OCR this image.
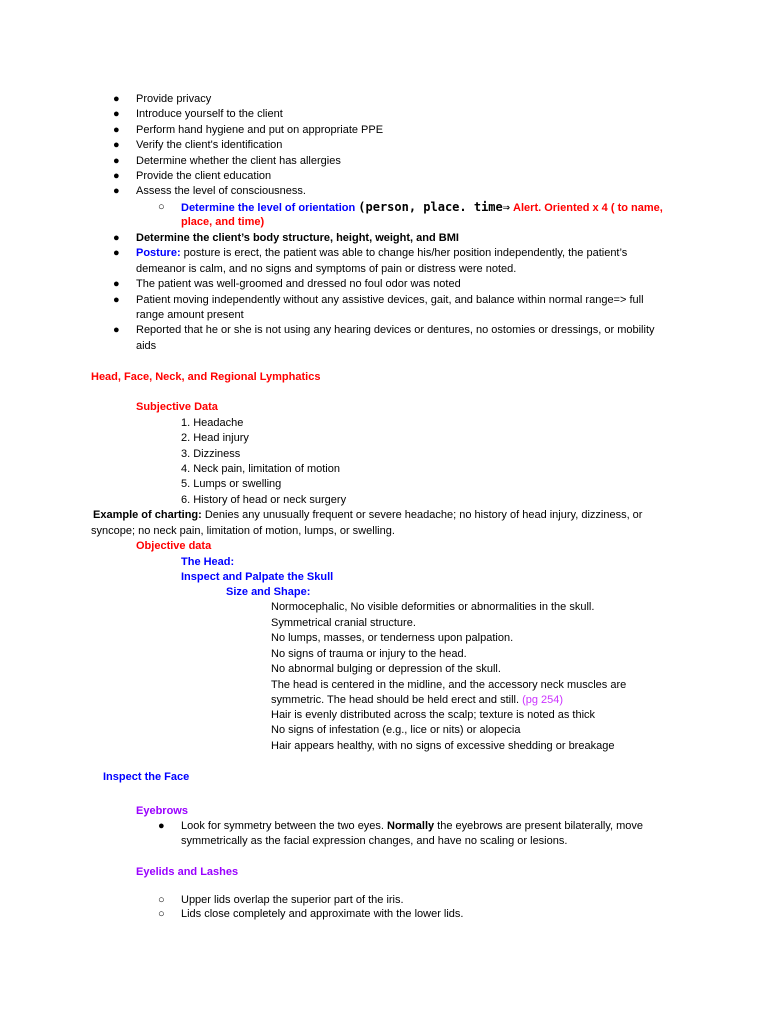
● Provide privacy
● Introduce yourself to the client
● Perform hand hygiene and put on appropriate PPE
● Verify the client's identification
● Determine whether the client has allergies
● Provide the client education
● Assess the level of consciousness.
○ Determine the level of orientation (person, place. time⇒ Alert. Oriented x 4 ( to name,
place, and time)
● Determine the client’s body structure, height, weight, and BMI
● Posture: posture is erect, the patient was able to change his/her position independently, the patient’s
demeanor is calm, and no signs and symptoms of pain or distress were noted.
● The patient was well-groomed and dressed no foul odor was noted
● Patient moving independently without any assistive devices, gait, and balance within normal range=> full
range amount present
● Reported that he or she is not using any hearing devices or dentures, no ostomies or dressings, or mobility
aids
Head, Face, Neck, and Regional Lymphatics
Subjective Data
1. Headache
2. Head injury
3. Dizziness
4. Neck pain, limitation of motion
5. Lumps or swelling
6. History of head or neck surgery
Example of charting: Denies any unusually frequent or severe headache; no history of head injury, dizziness, or
syncope; no neck pain, limitation of motion, lumps, or swelling.
Objective data
The Head:
Inspect and Palpate the Skull
Size and Shape:
Normocephalic, No visible deformities or abnormalities in the skull.
Symmetrical cranial structure.
No lumps, masses, or tenderness upon palpation.
No signs of trauma or injury to the head.
No abnormal bulging or depression of the skull.
The head is centered in the midline, and the accessory neck muscles are
symmetric. The head should be held erect and still. (pg 254)
Hair is evenly distributed across the scalp; texture is noted as thick
No signs of infestation (e.g., lice or nits) or alopecia
Hair appears healthy, with no signs of excessive shedding or breakage
Inspect the Face
Eyebrows
● Look for symmetry between the two eyes. Normally the eyebrows are present bilaterally, move
symmetrically as the facial expression changes, and have no scaling or lesions.
Eyelids and Lashes
○ Upper lids overlap the superior part of the iris.
○ Lids close completely and approximate with the lower lids.
